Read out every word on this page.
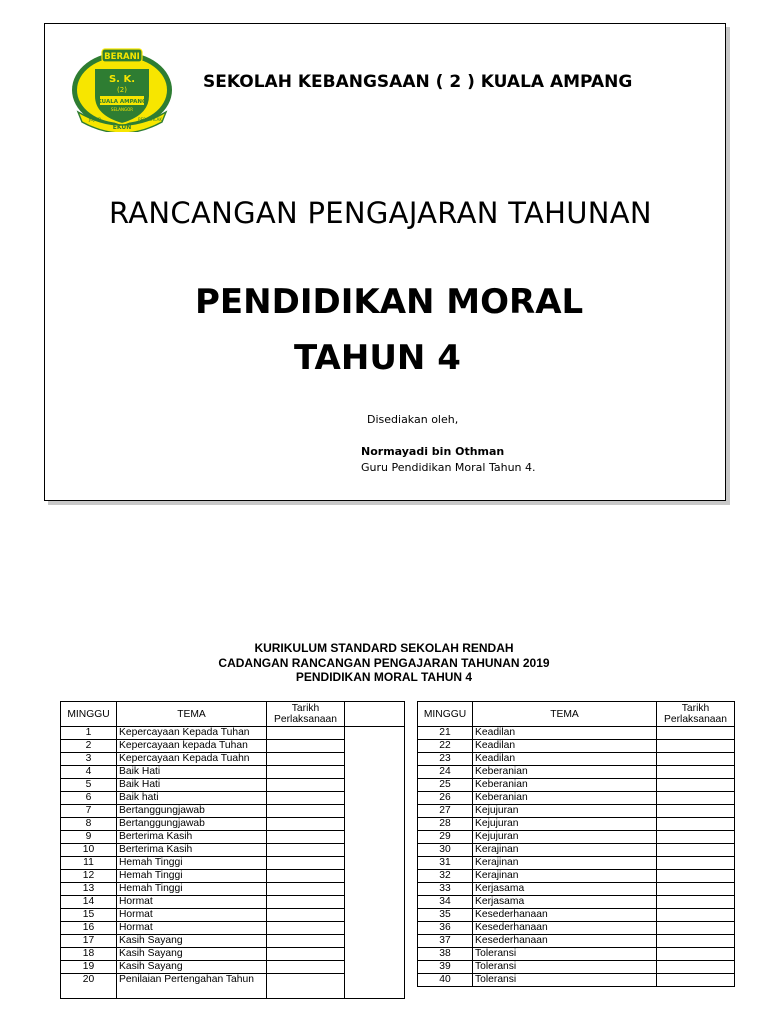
BERANI
S. K.
(2)
KUALA AMPANG
SELANGOR
JUJUR
EKUN
BERAKHLAK
SEKOLAH KEBANGSAAN ( 2 ) KUALA AMPANG
RANCANGAN PENGAJARAN TAHUNAN
PENDIDIKAN MORAL
TAHUN 4
Disediakan oleh,
Normayadi bin Othman
Guru Pendidikan Moral Tahun 4.
KURIKULUM STANDARD SEKOLAH RENDAH
CADANGAN RANCANGAN PENGAJARAN TAHUNAN 2019
PENDIDIKAN MORAL TAHUN 4
MINGGU	TEMA	Tarikh
Perlaksanaan	
1	Kepercayaan Kepada Tuhan		
2	Kepercayaan kepada Tuhan		
3	Kepercayaan Kepada Tuahn		
4	Baik Hati		
5	Baik Hati		
6	Baik hati		
7	Bertanggungjawab		
8	Bertanggungjawab		
9	Berterima Kasih		
10	Berterima Kasih		
11	Hemah Tinggi		
12	Hemah Tinggi		
13	Hemah Tinggi		
14	Hormat		
15	Hormat		
16	Hormat		
17	Kasih Sayang		
18	Kasih Sayang		
19	Kasih Sayang		
20	Penilaian Pertengahan Tahun		
MINGGU	TEMA	Tarikh
Perlaksanaan
21	Keadilan	
22	Keadilan	
23	Keadilan	
24	Keberanian	
25	Keberanian	
26	Keberanian	
27	Kejujuran	
28	Kejujuran	
29	Kejujuran	
30	Kerajinan	
31	Kerajinan	
32	Kerajinan	
33	Kerjasama	
34	Kerjasama	
35	Kesederhanaan	
36	Kesederhanaan	
37	Kesederhanaan	
38	Toleransi	
39	Toleransi	
40	Toleransi	
